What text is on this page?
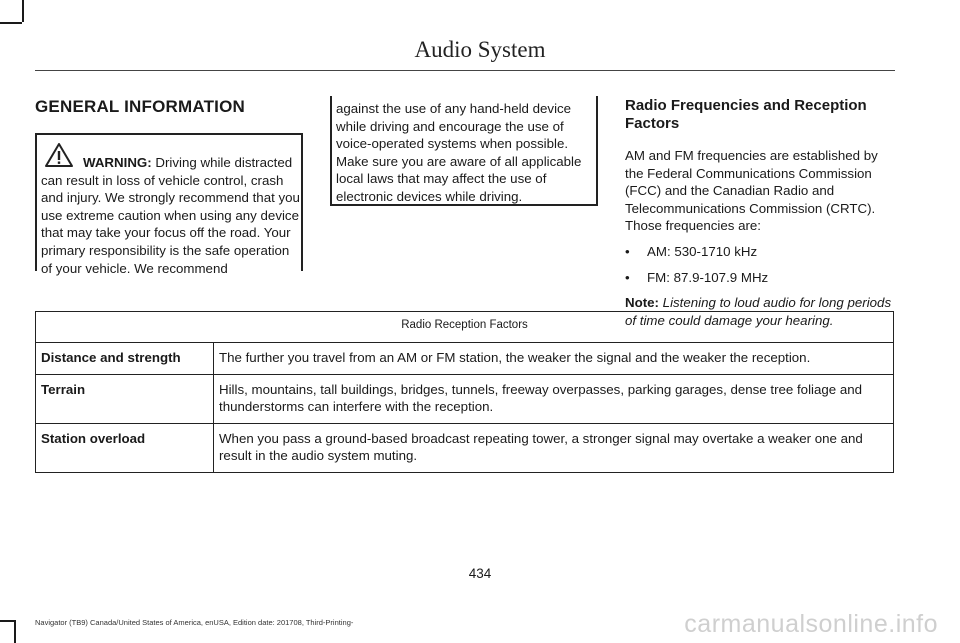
Audio System
GENERAL INFORMATION
WARNING: Driving while distracted can result in loss of vehicle control, crash and injury. We strongly recommend that you use extreme caution when using any device that may take your focus off the road. Your primary responsibility is the safe operation of your vehicle. We recommend
against the use of any hand-held device while driving and encourage the use of voice-operated systems when possible. Make sure you are aware of all applicable local laws that may affect the use of electronic devices while driving.
Radio Frequencies and Reception Factors

AM and FM frequencies are established by the Federal Communications Commission (FCC) and the Canadian Radio and Telecommunications Commission (CRTC). Those frequencies are:

• AM: 530-1710 kHz
• FM: 87.9-107.9 MHz

Note: Listening to loud audio for long periods of time could damage your hearing.

Radio Reception Factors	
Distance and strength	The further you travel from an AM or FM station, the weaker the signal and the weaker the reception.
Terrain	Hills, mountains, tall buildings, bridges, tunnels, freeway overpasses, parking garages, dense tree foliage and thunderstorms can interfere with the reception.
Station overload	When you pass a ground-based broadcast repeating tower, a stronger signal may overtake a weaker one and result in the audio system muting.
434
Navigator (TB9) Canada/United States of America, enUSA, Edition date: 201708, Third-Printing-	carmanualsonline.info
